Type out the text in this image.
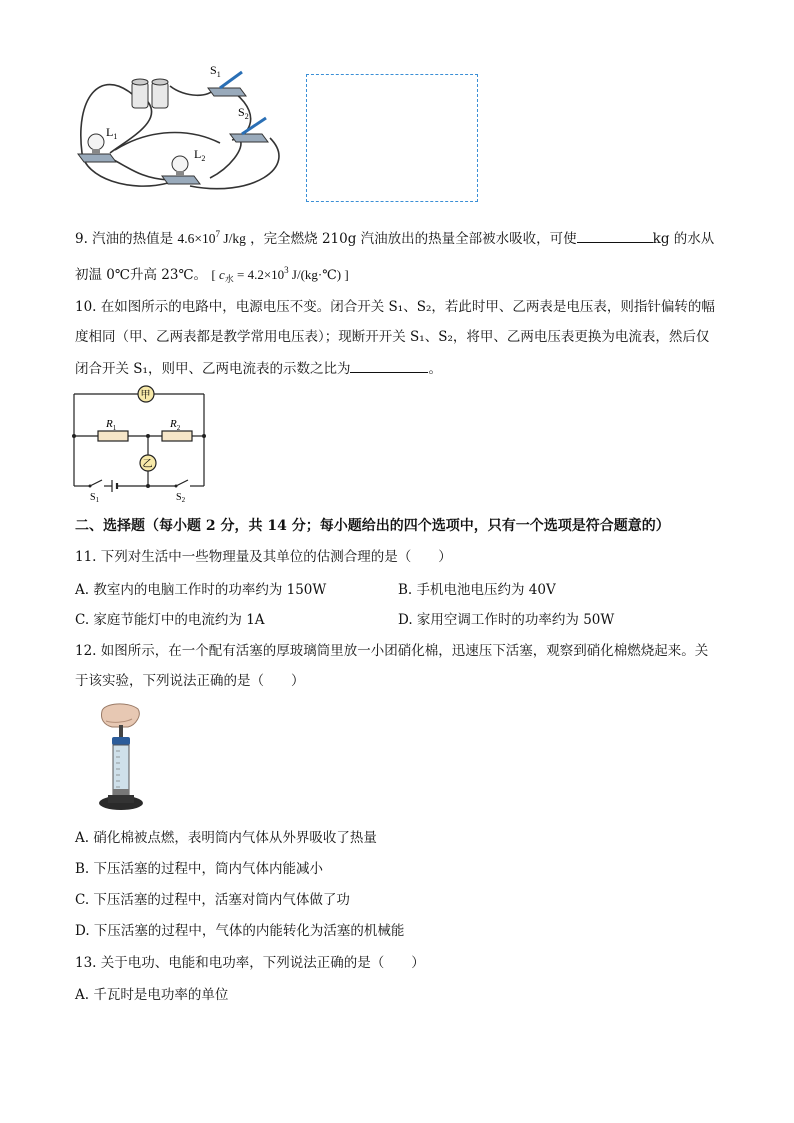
$S_1$
$S_2$
$L_1$
$L_2$
9. 汽油的热值是 $4.6\times 10^7$ J/kg ，完全燃烧 210g 汽油放出的热量全部被水吸收，可使	kg 的水从
初温 0℃升高 23℃。 [ $c_水 = 4.2\times 10^3$ J/(kg·℃) ]
10. 在如图所示的电路中，电源电压不变。闭合开关 S₁、S₂，若此时甲、乙两表是电压表，则指针偏转的幅
度相同（甲、乙两表都是教学常用电压表）；现断开开关 S₁、S₂，将甲、乙两电压表更换为电流表，然后仅
闭合开关 S₁，则甲、乙两电流表的示数之比为	。
甲
乙
$R_1$	$R_2$
$S_1$	$S_2$
二、选择题（每小题 2 分，共 14 分；每小题给出的四个选项中，只有一个选项是符合题意的）
11. 下列对生活中一些物理量及其单位的估测合理的是（　　）
A. 教室内的电脑工作时的功率约为 150W	B. 手机电池电压约为 40V
C. 家庭节能灯中的电流约为 1A	D. 家用空调工作时的功率约为 50W
12. 如图所示，在一个配有活塞的厚玻璃筒里放一小团硝化棉，迅速压下活塞，观察到硝化棉燃烧起来。关
于该实验，下列说法正确的是（　　）
A. 硝化棉被点燃，表明筒内气体从外界吸收了热量
B. 下压活塞的过程中，筒内气体内能减小
C. 下压活塞的过程中，活塞对筒内气体做了功
D. 下压活塞的过程中，气体的内能转化为活塞的机械能
13. 关于电功、电能和电功率，下列说法正确的是（　　）
A. 千瓦时是电功率的单位
